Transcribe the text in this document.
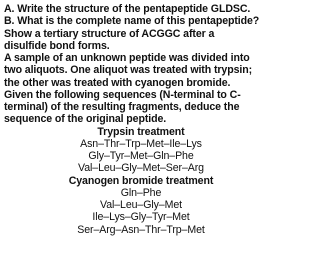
A. Write the structure of the pentapeptide GLDSC.
B. What is the complete name of this pentapeptide?
Show a tertiary structure of ACGGC after a
disulfide bond forms.
A sample of an unknown peptide was divided into
two aliquots. One aliquot was treated with trypsin;
the other was treated with cyanogen bromide.
Given the following sequences (N-terminal to C-
terminal) of the resulting fragments, deduce the
sequence of the original peptide.
Trypsin treatment
Asn–Thr–Trp–Met–Ile–Lys
Gly–Tyr–Met–Gln–Phe
Val–Leu–Gly–Met–Ser–Arg
Cyanogen bromide treatment
Gln–Phe
Val–Leu–Gly–Met
Ile–Lys–Gly–Tyr–Met
Ser–Arg–Asn–Thr–Trp–Met
